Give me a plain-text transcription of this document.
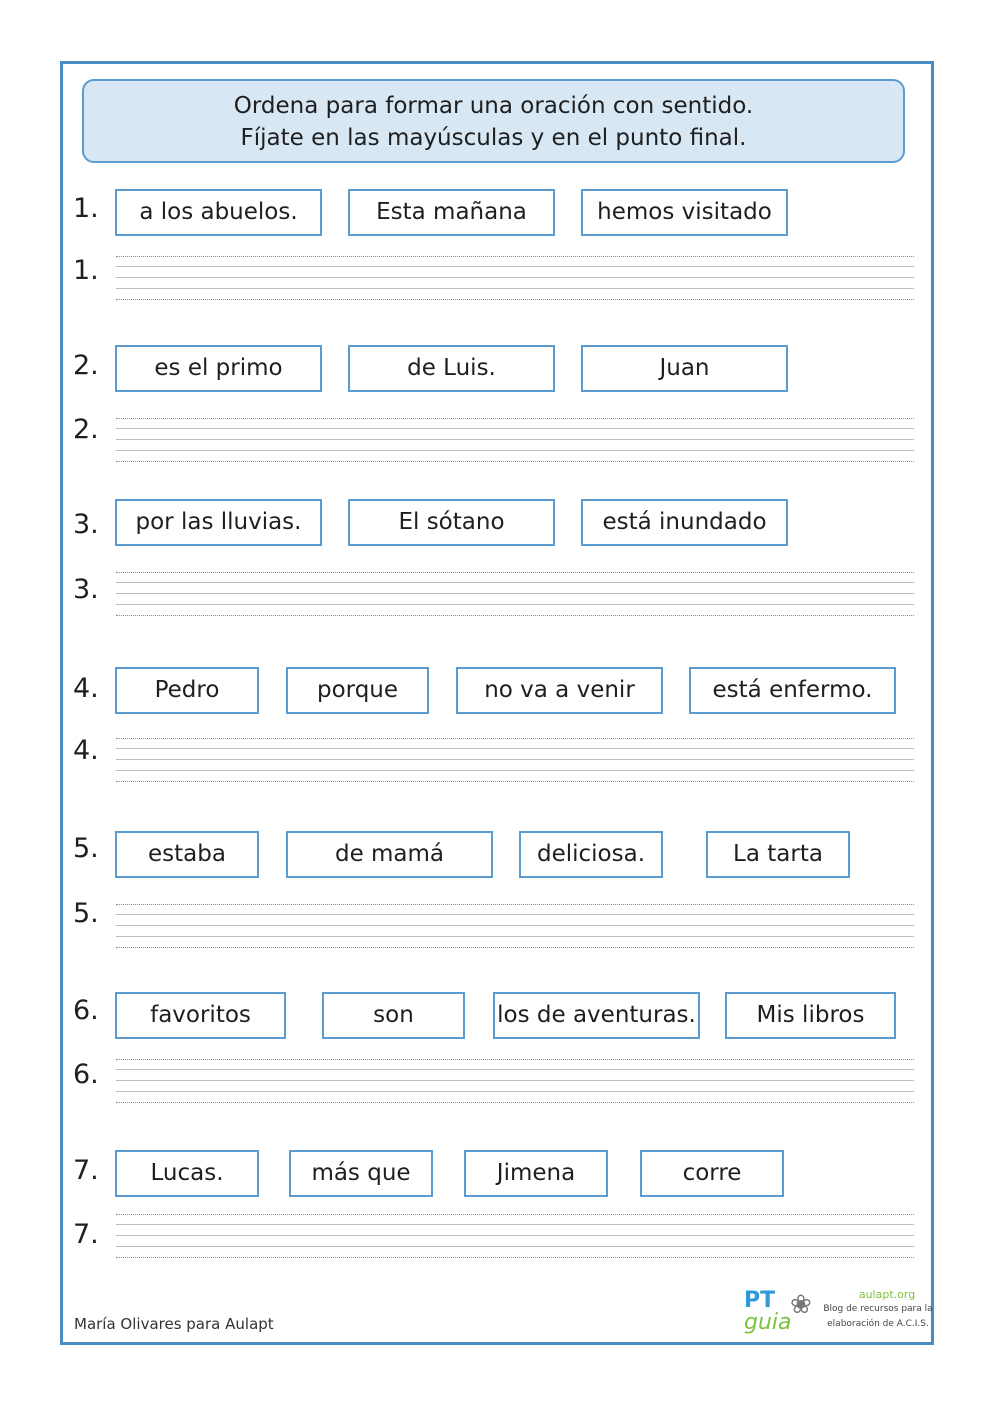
Ordena para formar una oración con sentido.
Fíjate en las mayúsculas y en el punto final.
1.	a los abuelos.	Esta mañana	hemos visitado
1.
2.	es el primo	de Luis.	Juan
2.
3.	por las lluvias.	El sótano	está inundado
3.
4.	Pedro	porque	no va a venir	está enfermo.
4.
5.	estaba	de mamá	deliciosa.	La tarta
5.
6.	favoritos	son	los de aventuras.	Mis libros
6.
7.	Lucas.	más que	Jimena	corre
7.
María Olivares para Aulapt
PT
guia
❀	aulapt.org
Blog de recursos para la
elaboración de A.C.I.S.
